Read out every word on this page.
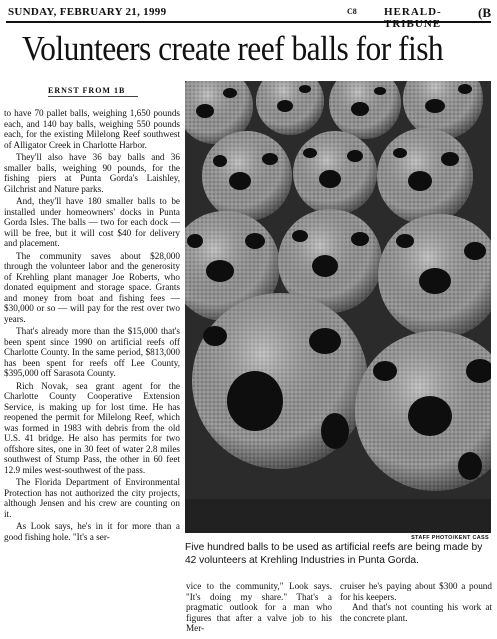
SUNDAY, FEBRUARY 21, 1999	C8 HERALD-TRIBUNE
(B
Volunteers create reef balls for fish
ERNST FROM 1B

to have 70 pallet balls, weighing 1,650 pounds each, and 140 bay balls, weighing 550 pounds each, for the existing Milelong Reef southwest of Alligator Creek in Charlotte Harbor.

They'll also have 36 bay balls and 36 smaller balls, weighing 90 pounds, for the fishing piers at Punta Gorda's Laishley, Gilchrist and Nature parks.

And, they'll have 180 smaller balls to be installed under homeowners' docks in Punta Gorda Isles. The balls — two for each dock — will be free, but it will cost $40 for delivery and placement.

The community saves about $28,000 through the volunteer labor and the generosity of Krehling plant manager Joe Roberts, who donated equipment and storage space. Grants and money from boat and fishing fees — $30,000 or so — will pay for the rest over two years.

That's already more than the $15,000 that's been spent since 1990 on artificial reefs off Charlotte County. In the same period, $813,000 has been spent for reefs off Lee County, $395,000 off Sarasota County.

Rich Novak, sea grant agent for the Charlotte County Cooperative Extension Service, is making up for lost time. He has reopened the permit for Milelong Reef, which was formed in 1983 with debris from the old U.S. 41 bridge. He also has permits for two offshore sites, one in 30 feet of water 2.8 miles southwest of Stump Pass, the other in 60 feet 12.9 miles west-southwest of the pass.

The Florida Department of Environmental Protection has not authorized the city projects, although Jensen and his crew are counting on it.

As Look says, he's in it for more than a good fishing hole. "It's a ser-	STAFF PHOTO/KENT CASS

Five hundred balls to be used as artificial reefs are being made by 42 volunteers at Krehling Industries in Punta Gorda.

vice to the community," Look says. "It's doing my share." That's a pragmatic outlook for a man who figures that after a valve job to his Mer-

cruiser he's paying about $300 a pound for his keepers.

And that's not counting his work at the concrete plant.
